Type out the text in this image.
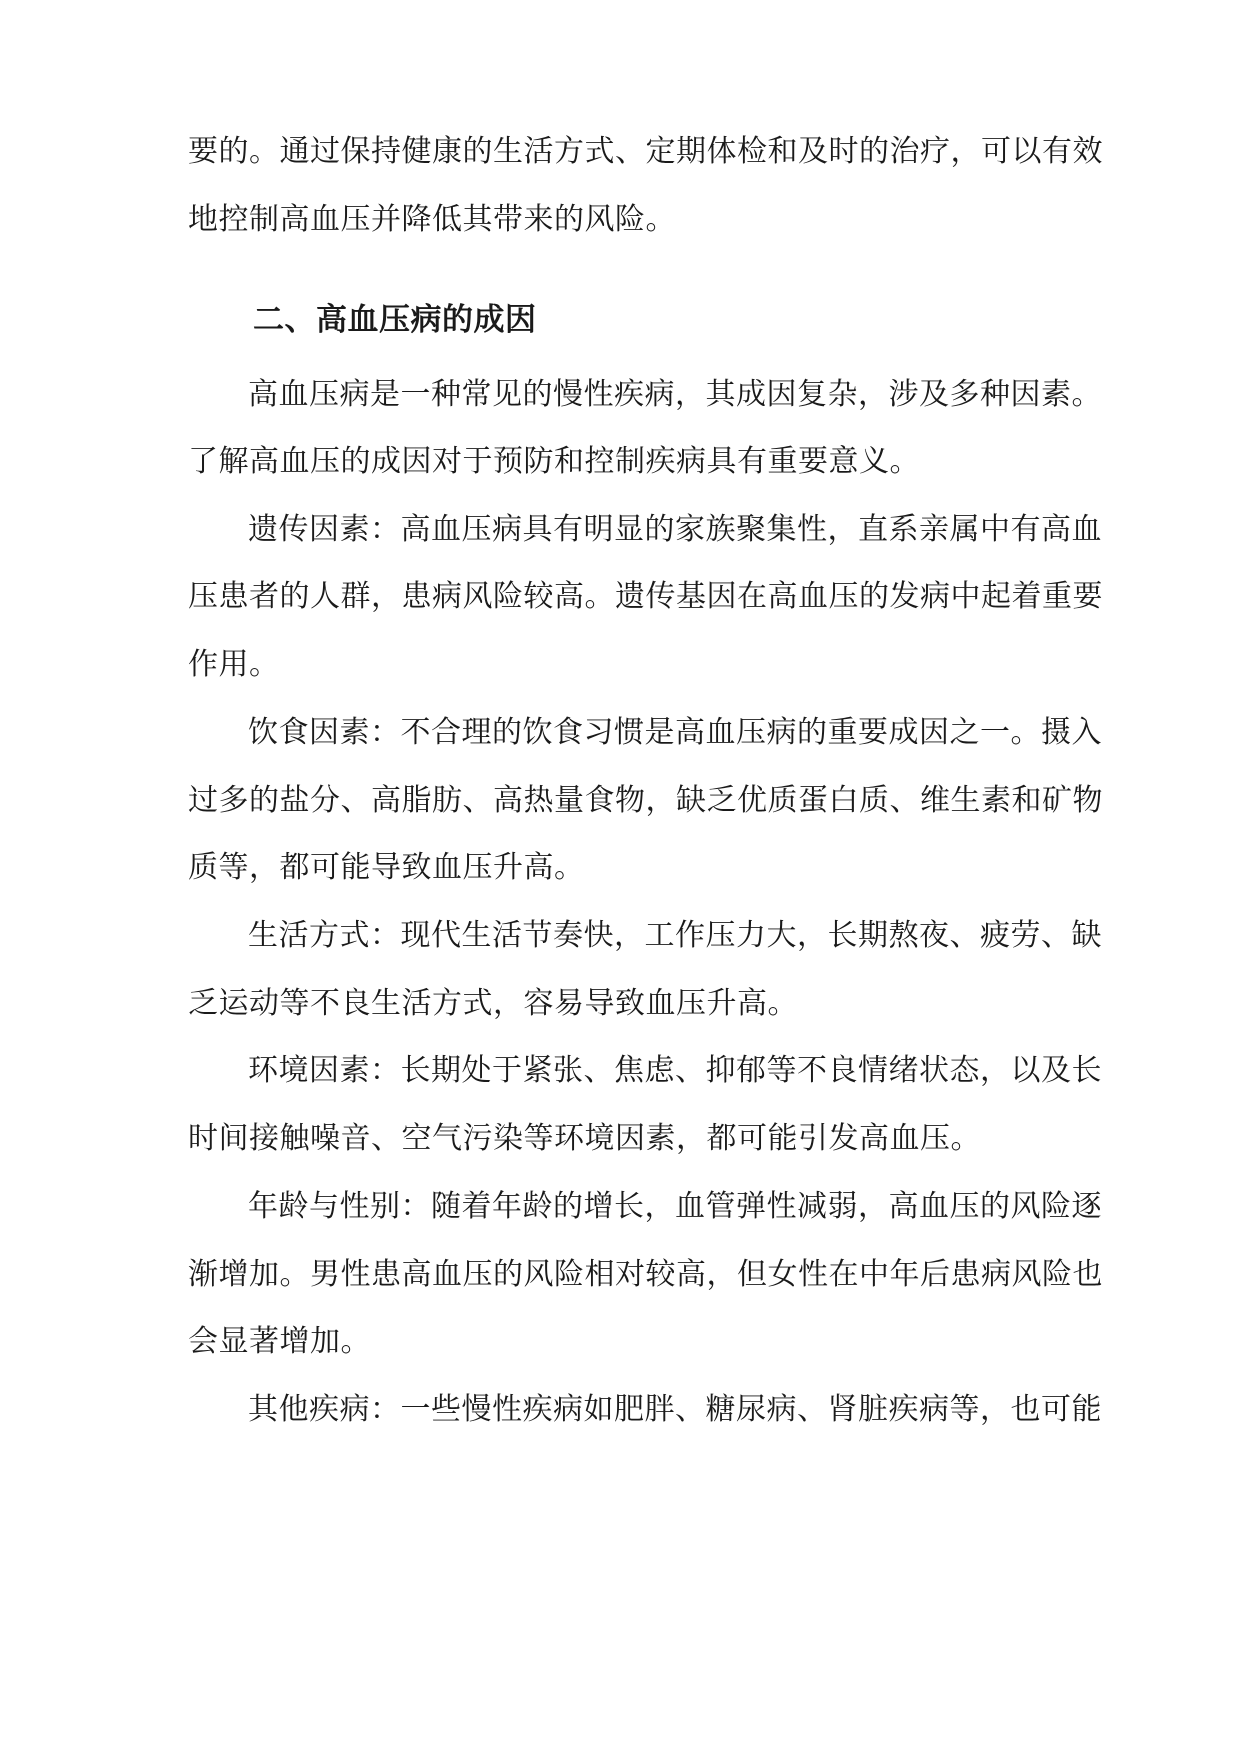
要的。通过保持健康的生活方式、定期体检和及时的治疗，可以有效
地控制高血压并降低其带来的风险。
二、高血压病的成因
高血压病是一种常见的慢性疾病，其成因复杂，涉及多种因素。
了解高血压的成因对于预防和控制疾病具有重要意义。
遗传因素：高血压病具有明显的家族聚集性，直系亲属中有高血
压患者的人群，患病风险较高。遗传基因在高血压的发病中起着重要
作用。
饮食因素：不合理的饮食习惯是高血压病的重要成因之一。摄入
过多的盐分、高脂肪、高热量食物，缺乏优质蛋白质、维生素和矿物
质等，都可能导致血压升高。
生活方式：现代生活节奏快，工作压力大，长期熬夜、疲劳、缺
乏运动等不良生活方式，容易导致血压升高。
环境因素：长期处于紧张、焦虑、抑郁等不良情绪状态，以及长
时间接触噪音、空气污染等环境因素，都可能引发高血压。
年龄与性别：随着年龄的增长，血管弹性减弱，高血压的风险逐
渐增加。男性患高血压的风险相对较高，但女性在中年后患病风险也
会显著增加。
其他疾病：一些慢性疾病如肥胖、糖尿病、肾脏疾病等，也可能
